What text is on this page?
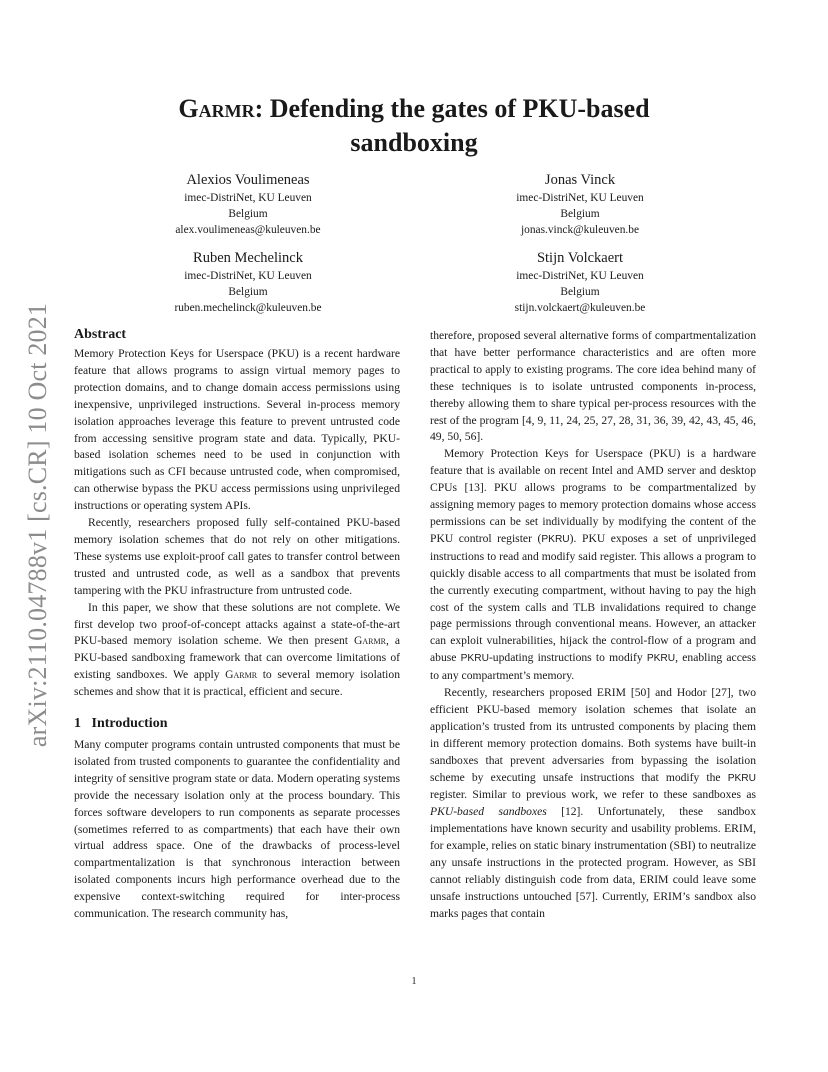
arXiv:2110.04788v1 [cs.CR] 10 Oct 2021
Garmr: Defending the gates of PKU-based
sandboxing
Alexios Voulimeneas
imec-DistriNet, KU Leuven
Belgium
alex.voulimeneas@kuleuven.be
Jonas Vinck
imec-DistriNet, KU Leuven
Belgium
jonas.vinck@kuleuven.be
Ruben Mechelinck
imec-DistriNet, KU Leuven
Belgium
ruben.mechelinck@kuleuven.be
Stijn Volckaert
imec-DistriNet, KU Leuven
Belgium
stijn.volckaert@kuleuven.be
Abstract

Memory Protection Keys for Userspace (PKU) is a recent hardware feature that allows programs to assign virtual memory pages to protection domains, and to change domain access permissions using inexpensive, unprivileged instructions. Several in-process memory isolation approaches leverage this feature to prevent untrusted code from accessing sensitive program state and data. Typically, PKU-based isolation schemes need to be used in conjunction with mitigations such as CFI because untrusted code, when compromised, can otherwise bypass the PKU access permissions using unprivileged instructions or operating system APIs.

Recently, researchers proposed fully self-contained PKU-based memory isolation schemes that do not rely on other mitigations. These systems use exploit-proof call gates to transfer control between trusted and untrusted code, as well as a sandbox that prevents tampering with the PKU infrastructure from untrusted code.

In this paper, we show that these solutions are not complete. We first develop two proof-of-concept attacks against a state-of-the-art PKU-based memory isolation scheme. We then present Garmr, a PKU-based sandboxing framework that can overcome limitations of existing sandboxes. We apply Garmr to several memory isolation schemes and show that it is practical, efficient and secure.

1   Introduction

Many computer programs contain untrusted components that must be isolated from trusted components to guarantee the confidentiality and integrity of sensitive program state or data. Modern operating systems provide the necessary isolation only at the process boundary. This forces software developers to run components as separate processes (sometimes referred to as compartments) that each have their own virtual address space. One of the drawbacks of process-level compartmentalization is that synchronous interaction between isolated components incurs high performance overhead due to the expensive context-switching required for inter-process communication. The research community has,

therefore, proposed several alternative forms of compartmentalization that have better performance characteristics and are often more practical to apply to existing programs. The core idea behind many of these techniques is to isolate untrusted components in-process, thereby allowing them to share typical per-process resources with the rest of the program [4, 9, 11, 24, 25, 27, 28, 31, 36, 39, 42, 43, 45, 46, 49, 50, 56].

Memory Protection Keys for Userspace (PKU) is a hardware feature that is available on recent Intel and AMD server and desktop CPUs [13]. PKU allows programs to be compartmentalized by assigning memory pages to memory protection domains whose access permissions can be set individually by modifying the content of the PKU control register (PKRU). PKU exposes a set of unprivileged instructions to read and modify said register. This allows a program to quickly disable access to all compartments that must be isolated from the currently executing compartment, without having to pay the high cost of the system calls and TLB invalidations required to change page permissions through conventional means. However, an attacker can exploit vulnerabilities, hijack the control-flow of a program and abuse PKRU-updating instructions to modify PKRU, enabling access to any compartment’s memory.

Recently, researchers proposed ERIM [50] and Hodor [27], two efficient PKU-based memory isolation schemes that isolate an application’s trusted from its untrusted components by placing them in different memory protection domains. Both systems have built-in sandboxes that prevent adversaries from bypassing the isolation scheme by executing unsafe instructions that modify the PKRU register. Similar to previous work, we refer to these sandboxes as PKU-based sandboxes [12]. Unfortunately, these sandbox implementations have known security and usability problems. ERIM, for example, relies on static binary instrumentation (SBI) to neutralize any unsafe instructions in the protected program. However, as SBI cannot reliably distinguish code from data, ERIM could leave some unsafe instructions untouched [57]. Currently, ERIM’s sandbox also marks pages that contain

1
